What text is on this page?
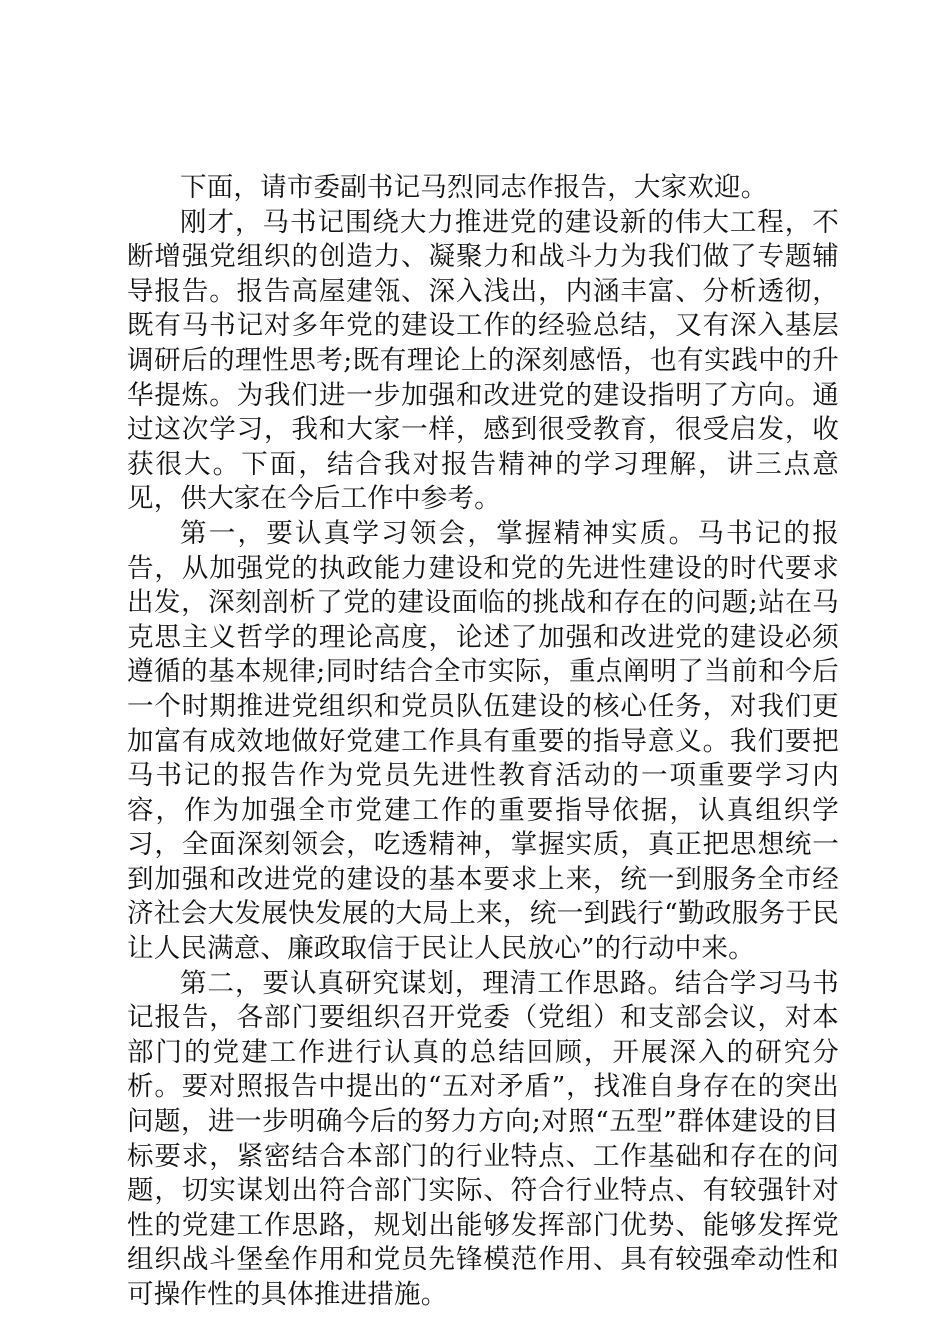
下面，请市委副书记马烈同志作报告，大家欢迎。

刚才，马书记围绕大力推进党的建设新的伟大工程，不断增强党组织的创造力、凝聚力和战斗力为我们做了专题辅导报告。报告高屋建瓴、深入浅出，内涵丰富、分析透彻，既有马书记对多年党的建设工作的经验总结，又有深入基层调研后的理性思考;既有理论上的深刻感悟，也有实践中的升华提炼。为我们进一步加强和改进党的建设指明了方向。通过这次学习，我和大家一样，感到很受教育，很受启发，收获很大。下面，结合我对报告精神的学习理解，讲三点意见，供大家在今后工作中参考。

第一，要认真学习领会，掌握精神实质。马书记的报告，从加强党的执政能力建设和党的先进性建设的时代要求出发，深刻剖析了党的建设面临的挑战和存在的问题;站在马克思主义哲学的理论高度，论述了加强和改进党的建设必须遵循的基本规律;同时结合全市实际，重点阐明了当前和今后一个时期推进党组织和党员队伍建设的核心任务，对我们更加富有成效地做好党建工作具有重要的指导意义。我们要把马书记的报告作为党员先进性教育活动的一项重要学习内容，作为加强全市党建工作的重要指导依据，认真组织学习，全面深刻领会，吃透精神，掌握实质，真正把思想统一到加强和改进党的建设的基本要求上来，统一到服务全市经济社会大发展快发展的大局上来，统一到践行“勤政服务于民让人民满意、廉政取信于民让人民放心”的行动中来。

第二，要认真研究谋划，理清工作思路。结合学习马书记报告，各部门要组织召开党委（党组）和支部会议，对本部门的党建工作进行认真的总结回顾，开展深入的研究分析。要对照报告中提出的“五对矛盾”，找准自身存在的突出问题，进一步明确今后的努力方向;对照“五型”群体建设的目标要求，紧密结合本部门的行业特点、工作基础和存在的问题，切实谋划出符合部门实际、符合行业特点、有较强针对性的党建工作思路，规划出能够发挥部门优势、能够发挥党组织战斗堡垒作用和党员先锋模范作用、具有较强牵动性和可操作性的具体推进措施。
